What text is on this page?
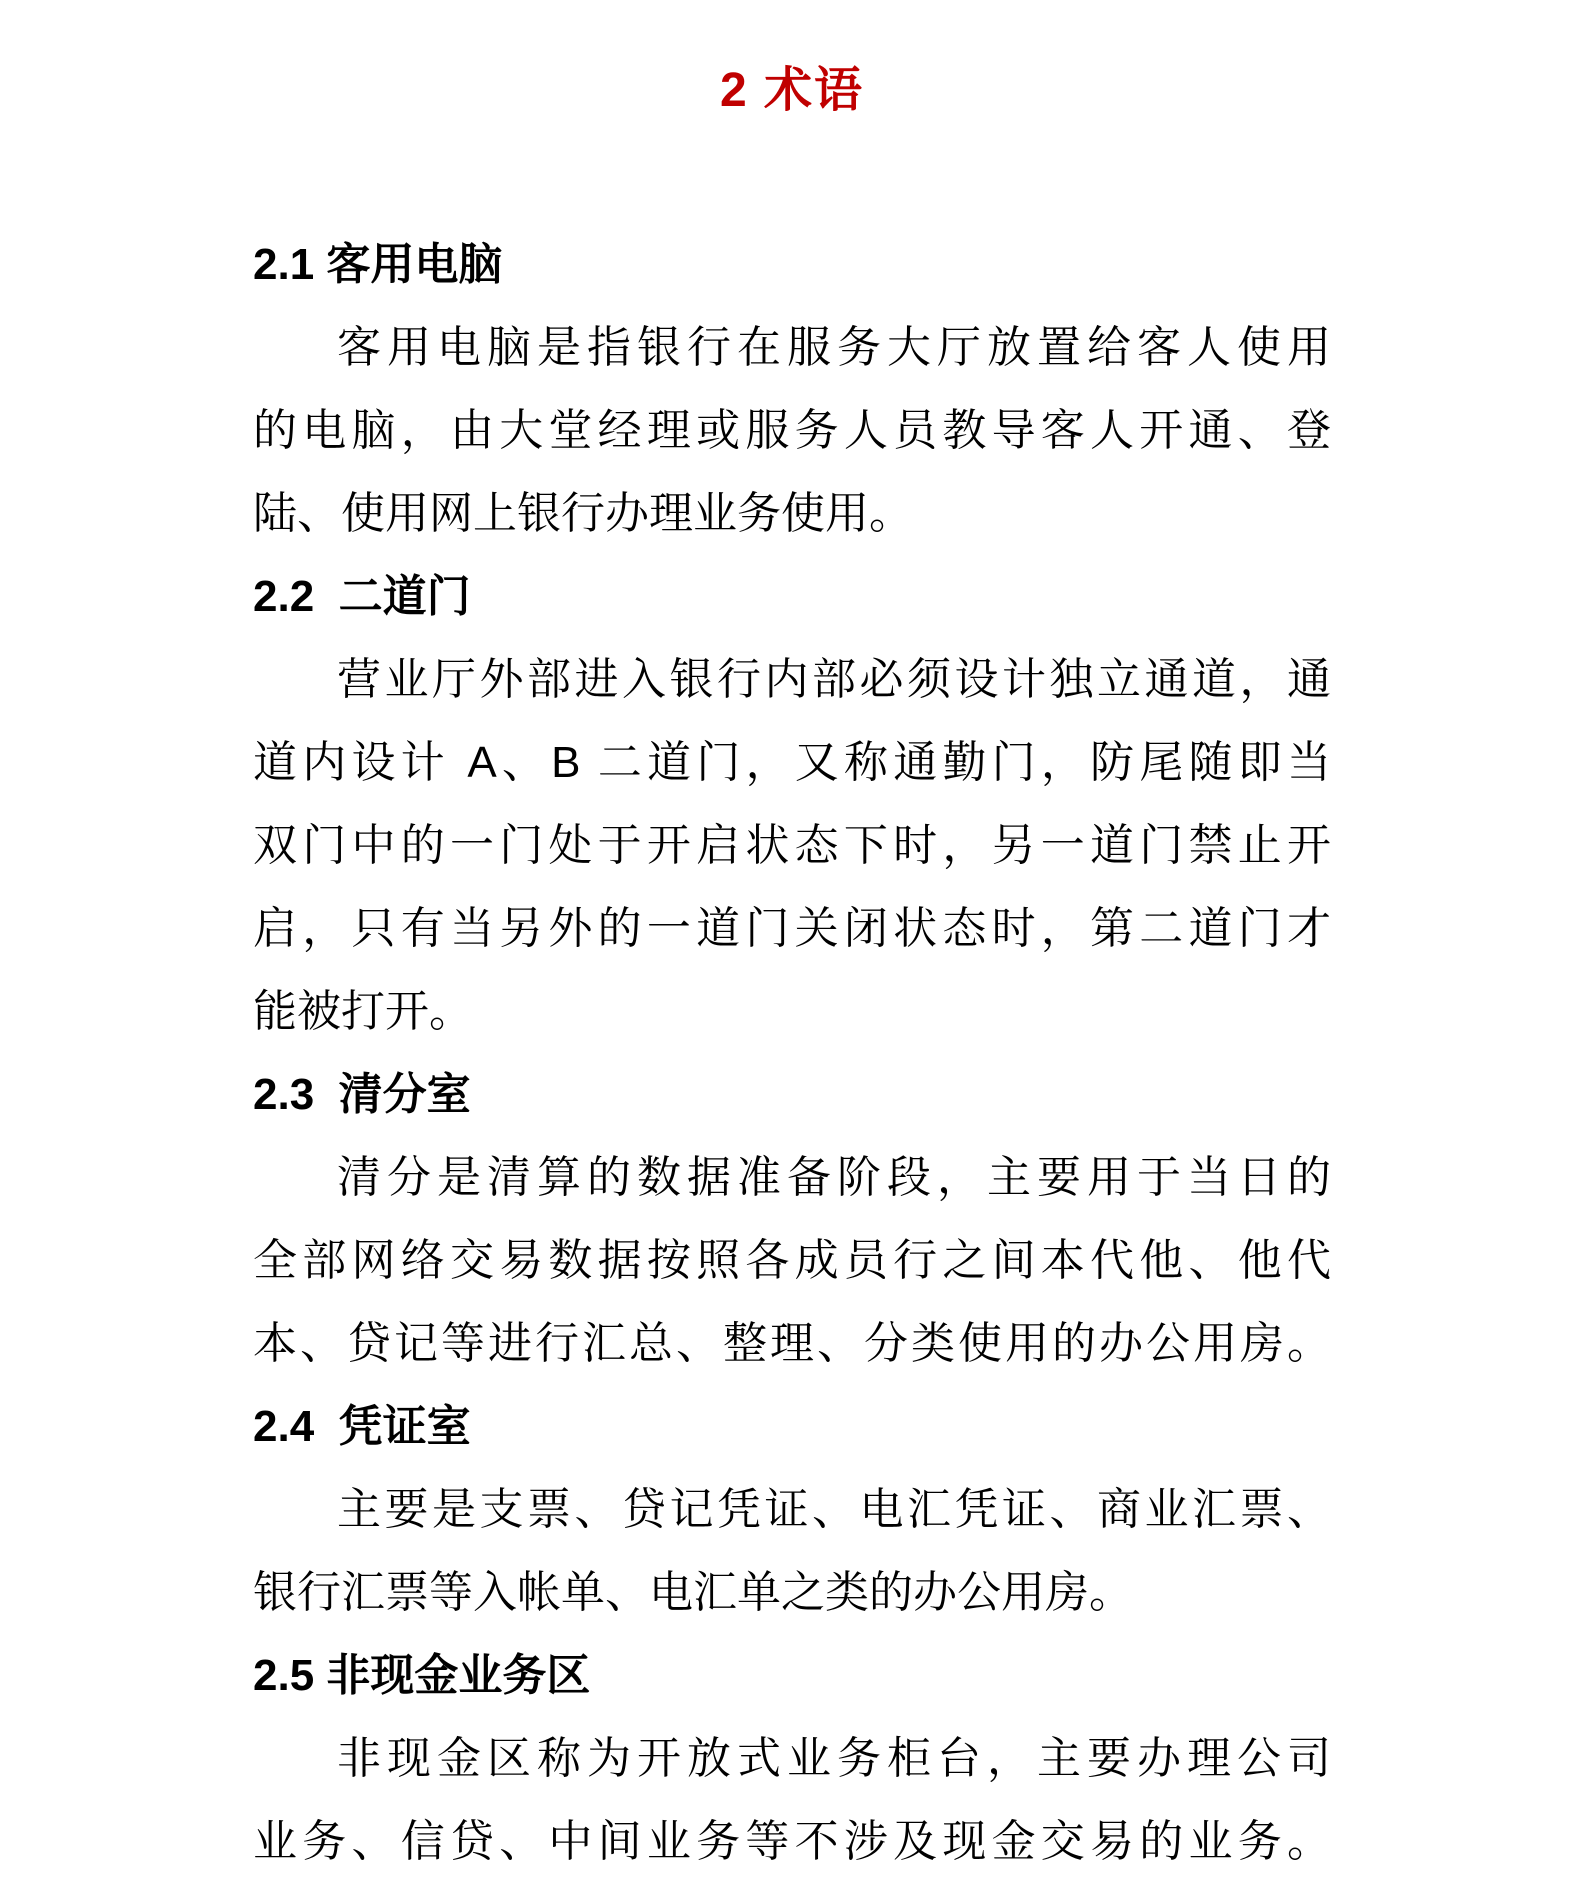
2 术语
2.1 客用电脑
客用电脑是指银行在服务大厅放置给客人使用
的电脑，由大堂经理或服务人员教导客人开通、登
陆、使用网上银行办理业务使用。
2.2  二道门
营业厅外部进入银行内部必须设计独立通道，通
道内设计 A、B 二道门，又称通勤门，防尾随即当
双门中的一门处于开启状态下时，另一道门禁止开
启，只有当另外的一道门关闭状态时，第二道门才
能被打开。
2.3  清分室
清分是清算的数据准备阶段，主要用于当日的
全部网络交易数据按照各成员行之间本代他、他代
本、贷记等进行汇总、整理、分类使用的办公用房。
2.4  凭证室
主要是支票、贷记凭证、电汇凭证、商业汇票、
银行汇票等入帐单、电汇单之类的办公用房。
2.5 非现金业务区
非现金区称为开放式业务柜台，主要办理公司
业务、信贷、中间业务等不涉及现金交易的业务。
